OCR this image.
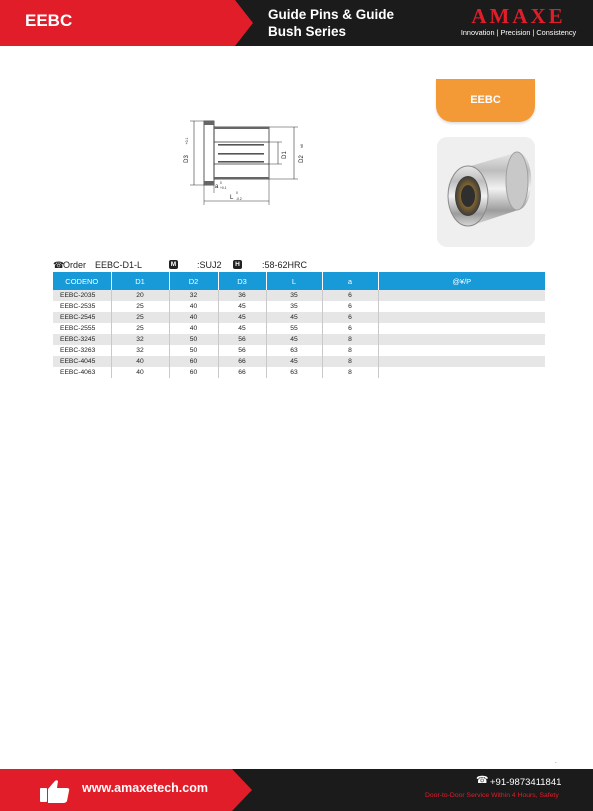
EEBC	Guide Pins & Guide Bush Series
AMAXE
Innovation | Precision | Consistency
D3
+0.1
D1
D2
h6
a
0
+0.1
L
0
-0.2
EEBC
☎
Order EEBC-D1-L	M :SUJ2	H :58-62HRC
CODENO	D1	D2	D3	L	a	@¥/P
EEBC-2035	20	32	36	35	6	
EEBC-2535	25	40	45	35	6	
EEBC-2545	25	40	45	45	6	
EEBC-2555	25	40	45	55	6	
EEBC-3245	32	50	56	45	8	
EEBC-3263	32	50	56	63	8	
EEBC-4045	40	60	66	45	8	
EEBC-4063	40	60	66	63	8	
.
www.amaxetech.com
☎ +91-9873411841
Door-to-Door Service Within 4 Hours, Safety
